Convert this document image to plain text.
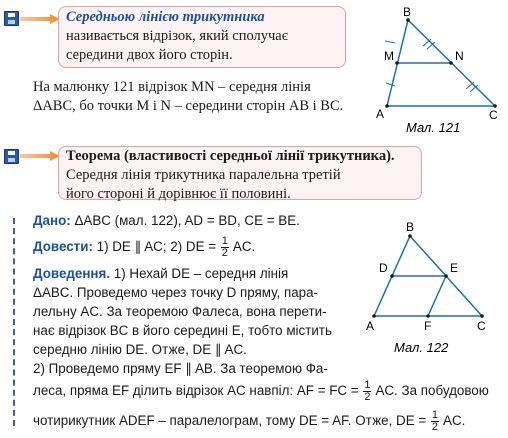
Середньою лінією трикутника
називається відрізок, який сполучає
середини двох його сторін.
На малюнку 121 відрізок MN – середня лінія
ΔABC, бо точки M і N – середини сторін AB і BC.
B
A	C
M	N
Мал. 121
Теорема (властивості середньої лінії трикутника).
Середня лінія трикутника паралельна третій
його стороні й дорівнює її половині.
Дано: ΔABC (мал. 122), AD = BD, CE = BE.
Довести: 1) DE ∥ AC; 2) DE = $\frac{1}{2}$ AC.
Доведення. 1) Нехай DE – середня лінія
ΔABC. Проведемо через точку D пряму, пара-
лельну AC. За теоремою Фалеса, вона перети-
нає відрізок BC в його середині E, тобто містить
середню лінію DE. Отже, DE ∥ AC.
2) Проведемо пряму EF ∥ AB. За теоремою Фа-
леса, пряма EF ділить відрізок AC навпіл: AF = FC = $\frac{1}{2}$ AC. За побудовою
чотирикутник ADEF – паралелограм, тому DE = AF. Отже, DE = $\frac{1}{2}$ AC.
B
A	C
D	E
F
Мал. 122
